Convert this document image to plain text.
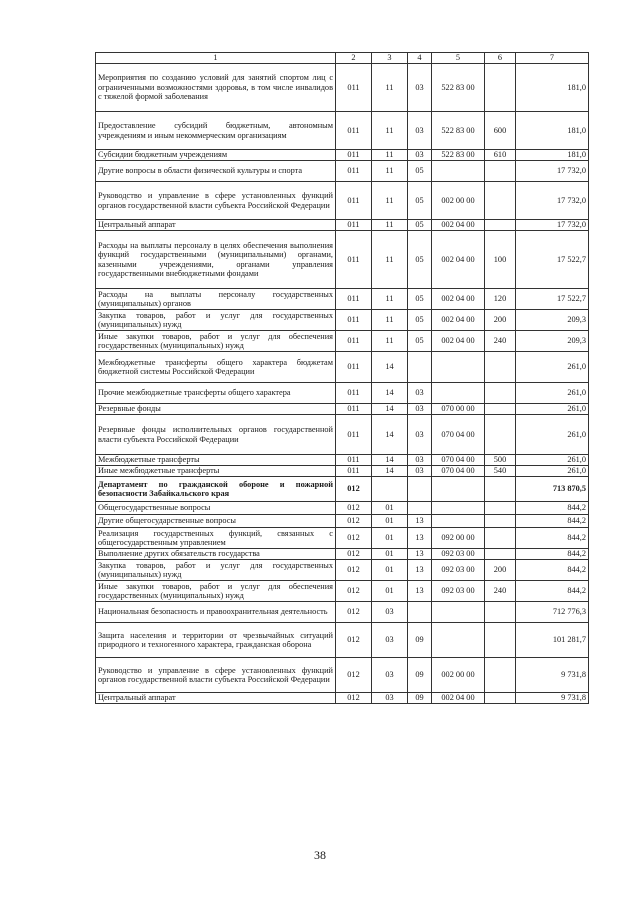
1	2	3	4	5	6	7
Мероприятия по созданию условий для занятий спортом лиц с ограниченными возможностями здоровья, в том числе инвалидов с тяжелой формой заболевания	011	11	03	522 83 00		181,0
Предоставление субсидий бюджетным, автономным учреждениям и иным некоммерческим организациям	011	11	03	522 83 00	600	181,0
Субсидии бюджетным учреждениям	011	11	03	522 83 00	610	181,0
Другие вопросы в области физической культуры и спорта	011	11	05			17 732,0
Руководство и управление в сфере установленных функций органов государственной власти субъекта Российской Федерации	011	11	05	002 00 00		17 732,0
Центральный аппарат	011	11	05	002 04 00		17 732,0
Расходы на выплаты персоналу в целях обеспечения выполнения функций государственными (муниципальными) органами, казенными учреждениями, органами управления государственными внебюджетными фондами	011	11	05	002 04 00	100	17 522,7
Расходы на выплаты персоналу государственных (муниципальных) органов	011	11	05	002 04 00	120	17 522,7
Закупка товаров, работ и услуг для государственных (муниципальных) нужд	011	11	05	002 04 00	200	209,3
Иные закупки товаров, работ и услуг для обеспечения государственных (муниципальных) нужд	011	11	05	002 04 00	240	209,3
Межбюджетные трансферты общего характера бюджетам бюджетной системы Российской Федерации	011	14				261,0
Прочие межбюджетные трансферты общего характера	011	14	03			261,0
Резервные фонды	011	14	03	070 00 00		261,0
Резервные фонды исполнительных органов государственной власти субъекта Российской Федерации	011	14	03	070 04 00		261,0
Межбюджетные трансферты	011	14	03	070 04 00	500	261,0
Иные межбюджетные трансферты	011	14	03	070 04 00	540	261,0
Департамент по гражданской обороне и пожарной безопасности Забайкальского края	012					713 870,5
Общегосударственные вопросы	012	01				844,2
Другие общегосударственные вопросы	012	01	13			844,2
Реализация государственных функций, связанных с общегосударственным управлением	012	01	13	092 00 00		844,2
Выполнение других обязательств государства	012	01	13	092 03 00		844,2
Закупка товаров, работ и услуг для государственных (муниципальных) нужд	012	01	13	092 03 00	200	844,2
Иные закупки товаров, работ и услуг для обеспечения государственных (муниципальных) нужд	012	01	13	092 03 00	240	844,2
Национальная безопасность и правоохранительная деятельность	012	03				712 776,3
Защита населения и территории от чрезвычайных ситуаций природного и техногенного характера, гражданская оборона	012	03	09			101 281,7
Руководство и управление в сфере установленных функций органов государственной власти субъекта Российской Федерации	012	03	09	002 00 00		9 731,8
Центральный аппарат	012	03	09	002 04 00		9 731,8
38
